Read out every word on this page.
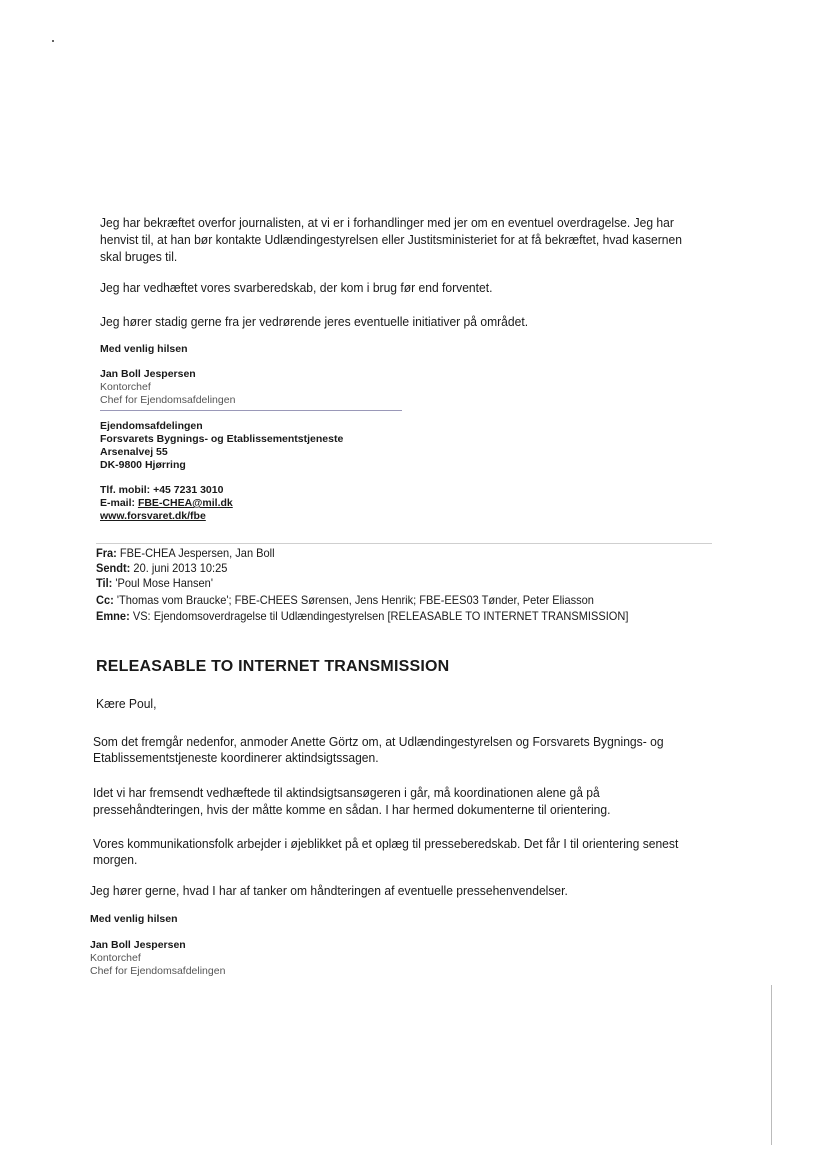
Jeg har bekræftet overfor journalisten, at vi er i forhandlinger med jer om en eventuel overdragelse. Jeg har
henvist til, at han bør kontakte Udlændingestyrelsen eller Justitsministeriet for at få bekræftet, hvad kasernen
skal bruges til.
Jeg har vedhæftet vores svarberedskab, der kom i brug før end forventet.
Jeg hører stadig gerne fra jer vedrørende jeres eventuelle initiativer på området.
Med venlig hilsen
Jan Boll Jespersen
Kontorchef
Chef for Ejendomsafdelingen
Ejendomsafdelingen
Forsvarets Bygnings- og Etablissementstjeneste
Arsenalvej 55
DK-9800 Hjørring
Tlf. mobil: +45 7231 3010
E-mail: FBE-CHEA@mil.dk
www.forsvaret.dk/fbe
Fra: FBE-CHEA Jespersen, Jan Boll
Sendt: 20. juni 2013 10:25
Til: 'Poul Mose Hansen'
Cc: 'Thomas vom Braucke'; FBE-CHEES Sørensen, Jens Henrik; FBE-EES03 Tønder, Peter Eliasson
Emne: VS: Ejendomsoverdragelse til Udlændingestyrelsen [RELEASABLE TO INTERNET TRANSMISSION]
RELEASABLE TO INTERNET TRANSMISSION
Kære Poul,
Som det fremgår nedenfor, anmoder Anette Görtz om, at Udlændingestyrelsen og Forsvarets Bygnings- og
Etablissementstjeneste koordinerer aktindsigtssagen.
Idet vi har fremsendt vedhæftede til aktindsigtsansøgeren i går, må koordinationen alene gå på
pressehåndteringen, hvis der måtte komme en sådan. I har hermed dokumenterne til orientering.
Vores kommunikationsfolk arbejder i øjeblikket på et oplæg til presseberedskab. Det får I til orientering senest
morgen.
Jeg hører gerne, hvad I har af tanker om håndteringen af eventuelle pressehenvendelser.
Med venlig hilsen
Jan Boll Jespersen
Kontorchef
Chef for Ejendomsafdelingen
